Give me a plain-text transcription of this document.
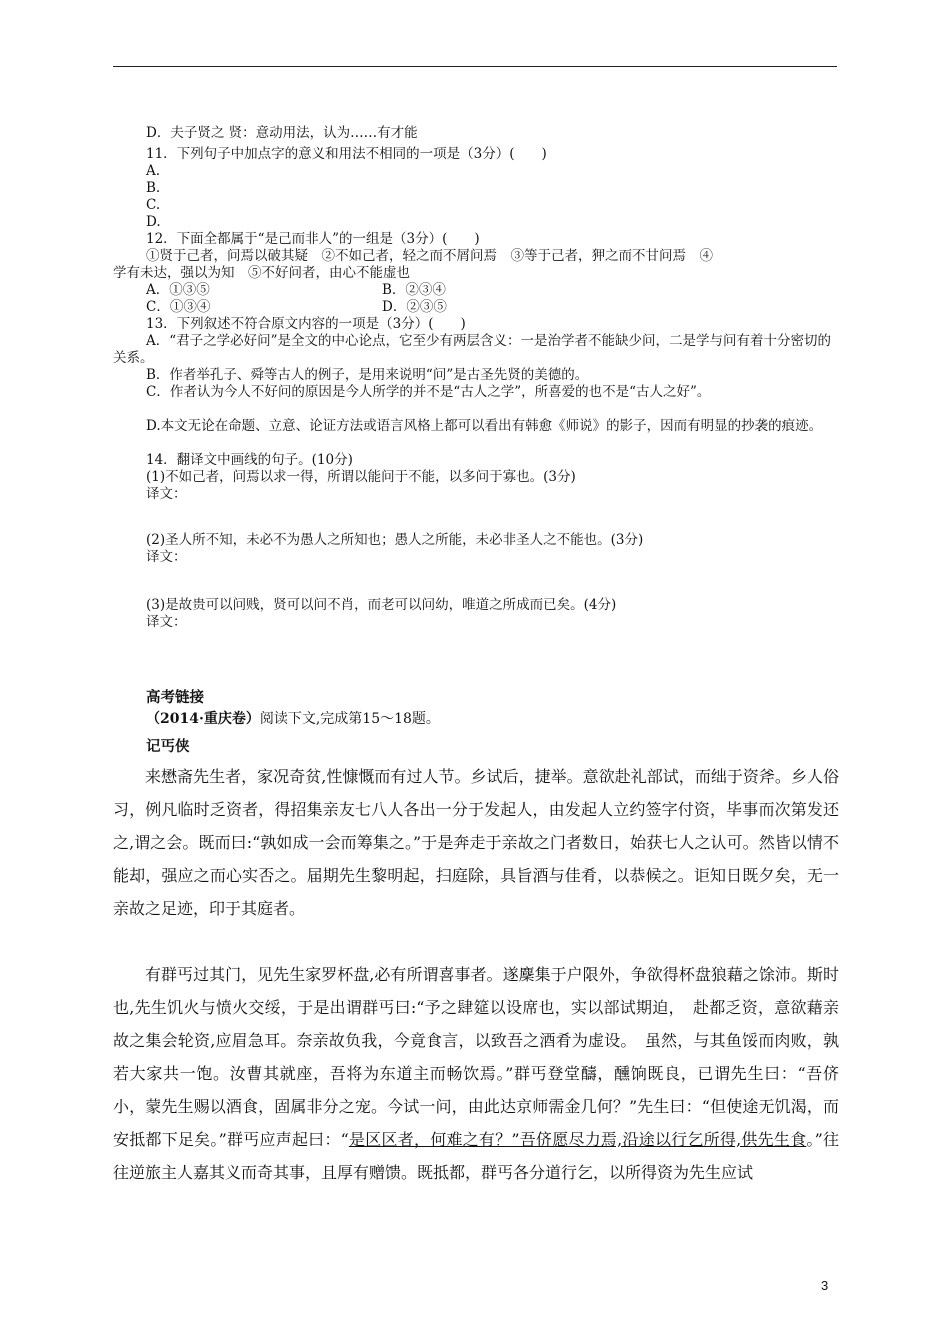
D．夫子贤之 贤：意动用法，认为……有才能
11．下列句子中加点字的意义和用法不相同的一项是（3分）(　　)
A.
B.
C.
D.
12．下面全都属于“是己而非人”的一组是（3分）(　　)
①贤于己者，问焉以破其疑　②不如己者，轻之而不屑问焉　③等于己者，狎之而不甘问焉　④
学有未达，强以为知　⑤不好问者，由心不能虚也
A．①③⑤	B．②③④
C．①③④	D．②③⑤
13．下列叙述不符合原文内容的一项是（3分）(　　)
A．“君子之学必好问”是全文的中心论点，它至少有两层含义：一是治学者不能缺少问，二是学与问有着十分密切的关系。
B．作者举孔子、舜等古人的例子，是用来说明“问”是古圣先贤的美德的。
C．作者认为今人不好问的原因是今人所学的并不是“古人之学”，所喜爱的也不是“古人之好”。
D.本文无论在命题、立意、论证方法或语言风格上都可以看出有韩愈《师说》的影子，因而有明显的抄袭的痕迹。
14．翻译文中画线的句子。(10分)
(1)不如己者，问焉以求一得，所谓以能问于不能，以多问于寡也。(3分)
译文：
(2)圣人所不知，未必不为愚人之所知也；愚人之所能，未必非圣人之不能也。(3分)
译文：
(3)是故贵可以问贱，贤可以问不肖，而老可以问幼，唯道之所成而已矣。(4分)
译文：
高考链接
（2014·重庆卷）阅读下文,完成第15～18题。
记丐侠
来懋斋先生者，家况奇贫,性慷慨而有过人节。乡试后，捷举。意欲赴礼部试，而绌于资斧。乡人俗习，例凡临时乏资者，得招集亲友七八人各出一分于发起人，由发起人立约签字付资，毕事而次第发还之,谓之会。既而曰:“孰如成一会而筹集之。”于是奔走于亲故之门者数日，始获七人之认可。然皆以情不能却，强应之而心实否之。届期先生黎明起，扫庭除，具旨酒与佳肴，以恭候之。讵知日既夕矣，无一亲故之足迹，印于其庭者。
有群丐过其门，见先生家罗杯盘,必有所谓喜事者。遂麇集于户限外，争欲得杯盘狼藉之馀沛。斯时也,先生饥火与愤火交绥，于是出谓群丐曰:“予之肆筵以设席也，实以部试期迫，　赴都乏资，意欲藉亲故之集会轮资,应眉急耳。奈亲故负我，今竟食言，以致吾之酒肴为虚设。　虽然，与其鱼馁而肉败，孰若大家共一饱。汝曹其就座，吾将为东道主而畅饮焉。”群丐登堂醻，醺饷既良，已谓先生曰：“吾侪小，蒙先生赐以酒食，固属非分之宠。今试一问，由此达京师需金几何？”先生曰：“但使途无饥渴，而安抵都下足矣。”群丐应声起曰：“是区区者，何难之有？”吾侪愿尽力焉,沿途以行乞所得,供先生食。”往往逆旅主人嘉其义而奇其事，且厚有赠馈。既抵都，群丐各分道行乞，以所得资为先生应试
3
